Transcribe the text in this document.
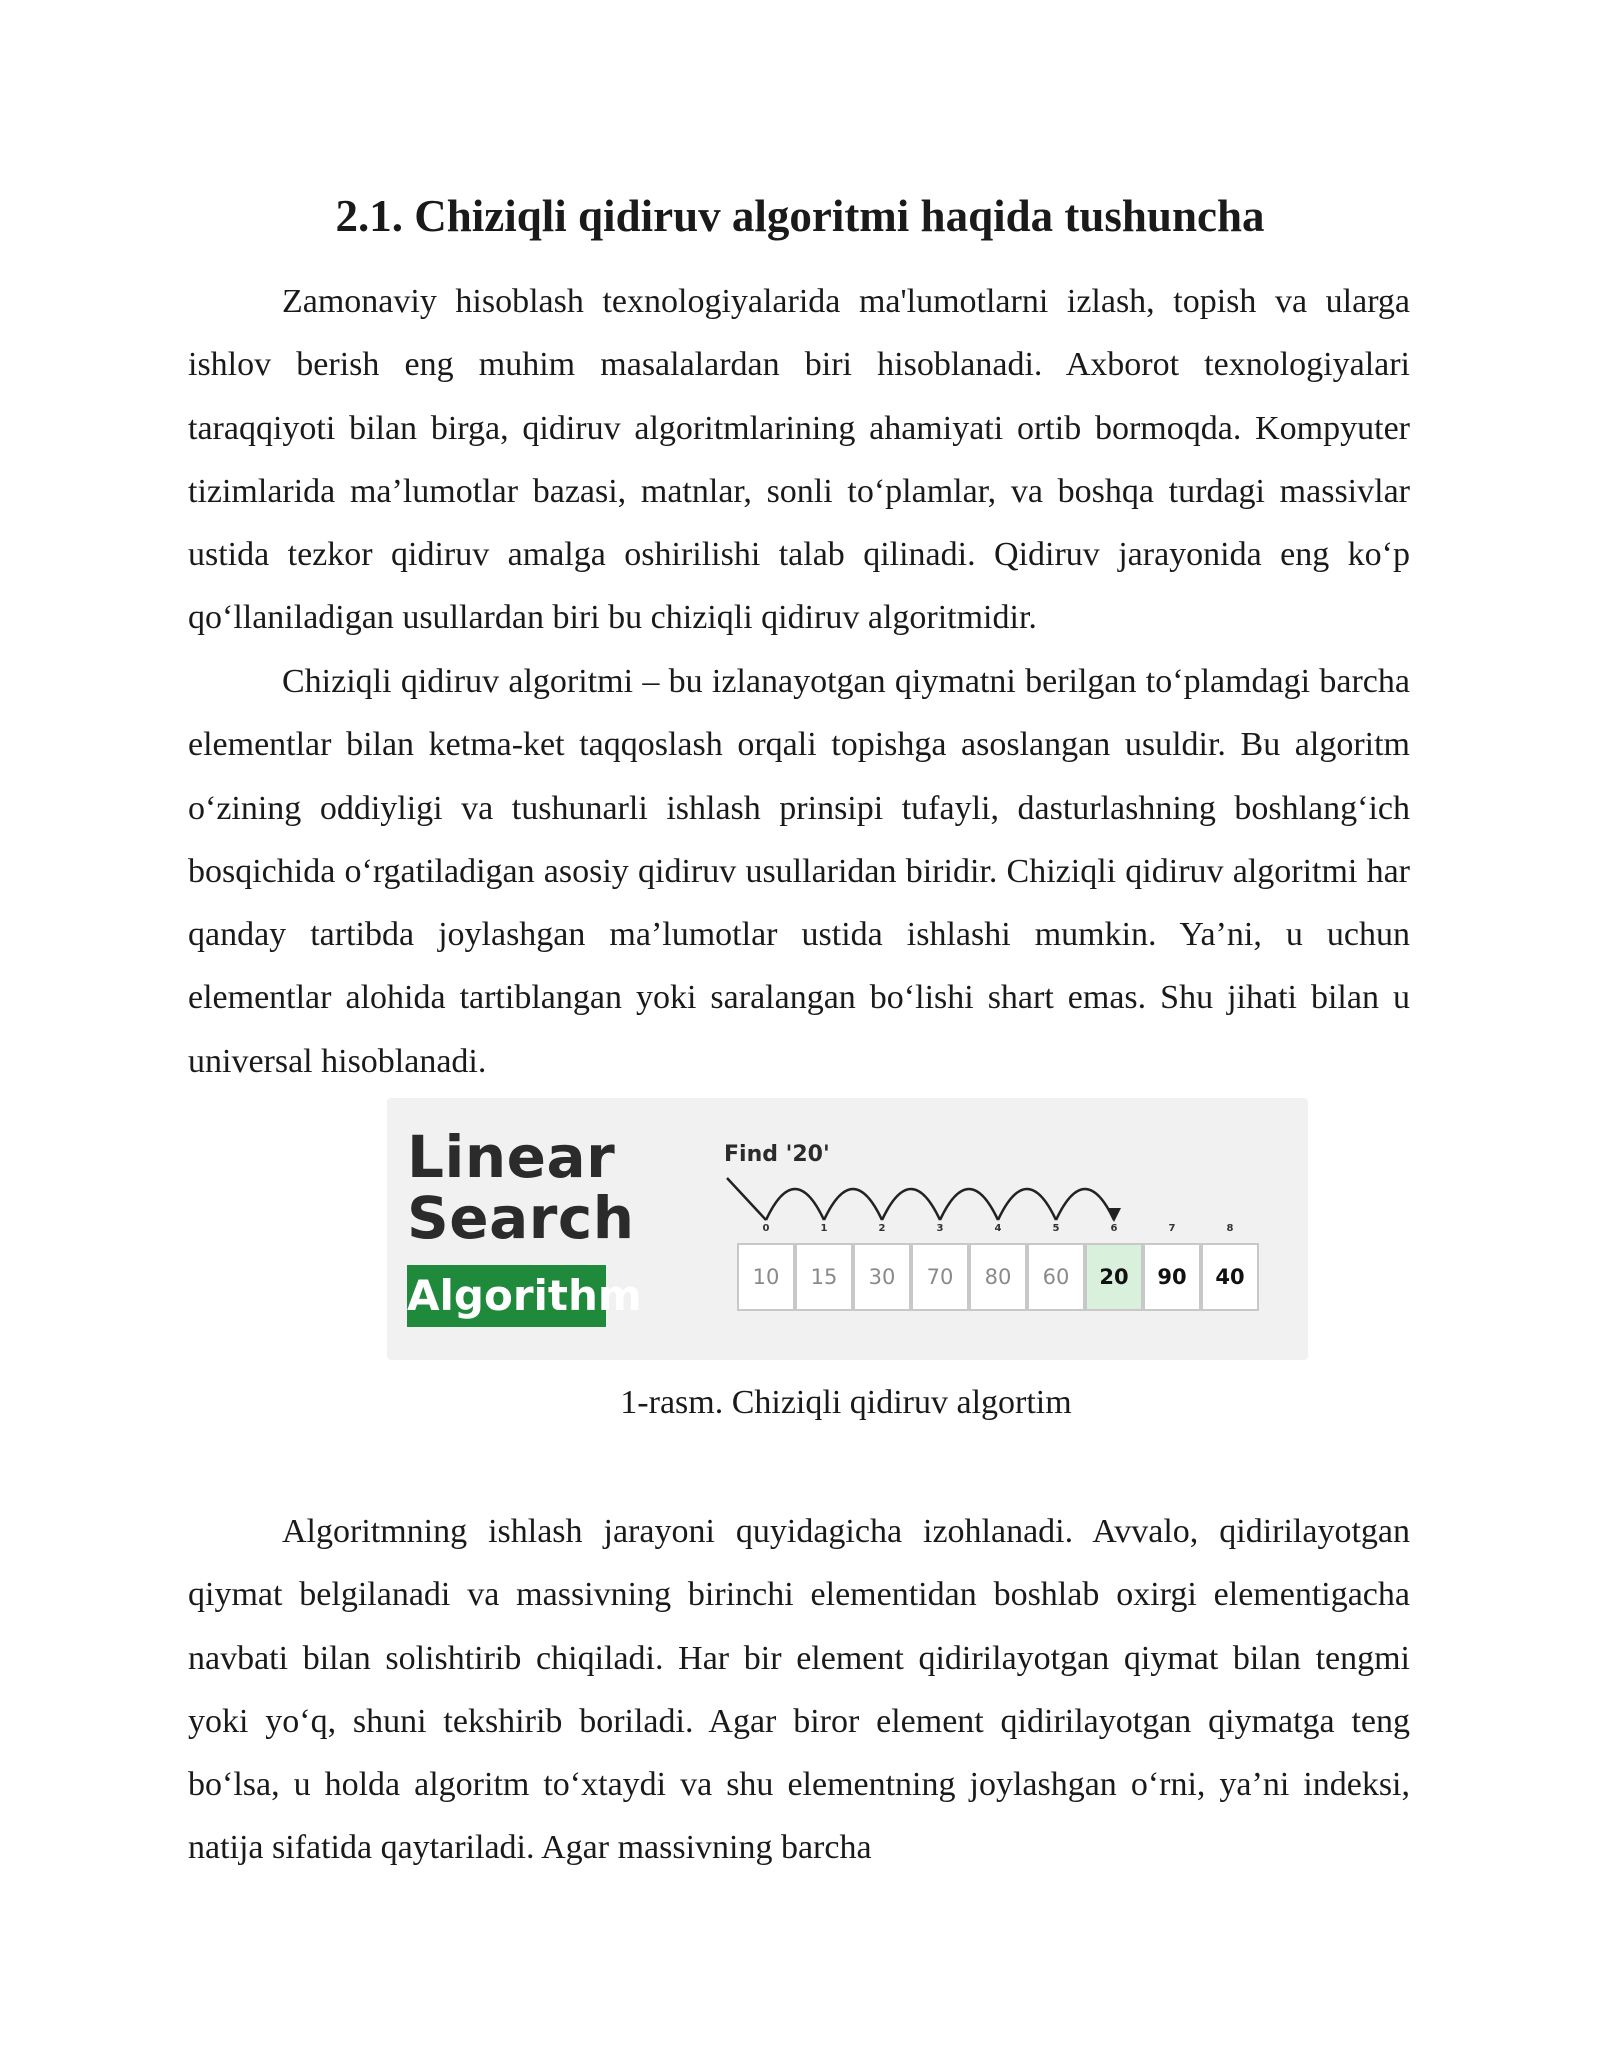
2.1. Chiziqli qidiruv algoritmi haqida tushuncha

Zamonaviy hisoblash texnologiyalarida ma'lumotlarni izlash, topish va ularga ishlov berish eng muhim masalalardan biri hisoblanadi. Axborot texnologiyalari taraqqiyoti bilan birga, qidiruv algoritmlarining ahamiyati ortib bormoqda. Kompyuter tizimlarida ma’lumotlar bazasi, matnlar, sonli to‘plamlar, va boshqa turdagi massivlar ustida tezkor qidiruv amalga oshirilishi talab qilinadi. Qidiruv jarayonida eng ko‘p qo‘llaniladigan usullardan biri bu chiziqli qidiruv algoritmidir.

Chiziqli qidiruv algoritmi – bu izlanayotgan qiymatni berilgan to‘plamdagi barcha elementlar bilan ketma-ket taqqoslash orqali topishga asoslangan usuldir. Bu algoritm o‘zining oddiyligi va tushunarli ishlash prinsipi tufayli, dasturlashning boshlang‘ich bosqichida o‘rgatiladigan asosiy qidiruv usullaridan biridir. Chiziqli qidiruv algoritmi har qanday tartibda joylashgan ma’lumotlar ustida ishlashi mumkin. Ya’ni, u uchun elementlar alohida tartiblangan yoki saralangan bo‘lishi shart emas. Shu jihati bilan u universal hisoblanadi.

Linear
Search
Algorithm
Find '20'
0
10
1
15
2
30
3
70
4
80
5
60
6
20
7
90
8
40

1-rasm. Chiziqli qidiruv algortim

Algoritmning ishlash jarayoni quyidagicha izohlanadi. Avvalo, qidirilayotgan qiymat belgilanadi va massivning birinchi elementidan boshlab oxirgi elementigacha navbati bilan solishtirib chiqiladi. Har bir element qidirilayotgan qiymat bilan tengmi yoki yo‘q, shuni tekshirib boriladi. Agar biror element qidirilayotgan qiymatga teng bo‘lsa, u holda algoritm to‘xtaydi va shu elementning joylashgan o‘rni, ya’ni indeksi, natija sifatida qaytariladi. Agar massivning barcha
